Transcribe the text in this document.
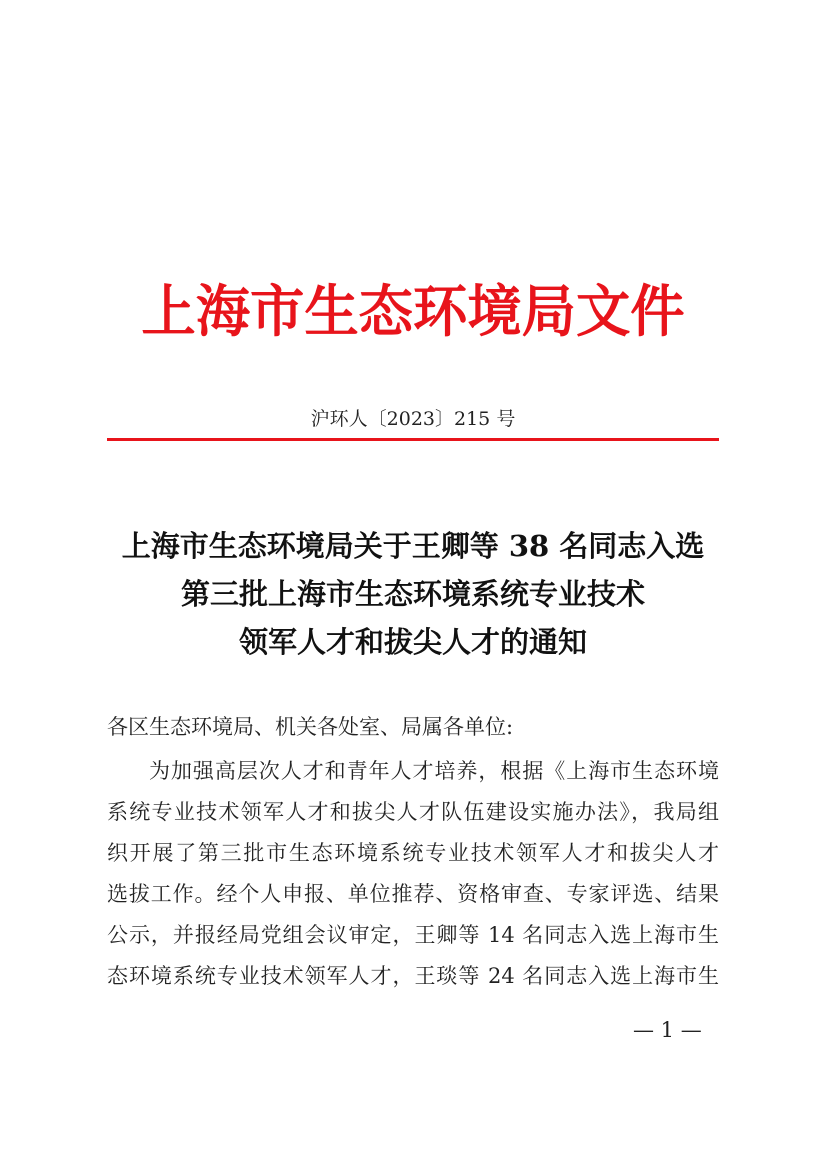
上海市生态环境局文件
沪环人〔2023〕215 号
上海市生态环境局关于王卿等 38 名同志入选
第三批上海市生态环境系统专业技术
领军人才和拔尖人才的通知
各区生态环境局、机关各处室、局属各单位:
为加强高层次人才和青年人才培养，根据《上海市生态环境
系统专业技术领军人才和拔尖人才队伍建设实施办法》，我局组
织开展了第三批市生态环境系统专业技术领军人才和拔尖人才
选拔工作。经个人申报、单位推荐、资格审查、专家评选、结果
公示，并报经局党组会议审定，王卿等 14 名同志入选上海市生
态环境系统专业技术领军人才，王琰等 24 名同志入选上海市生
— 1 —
